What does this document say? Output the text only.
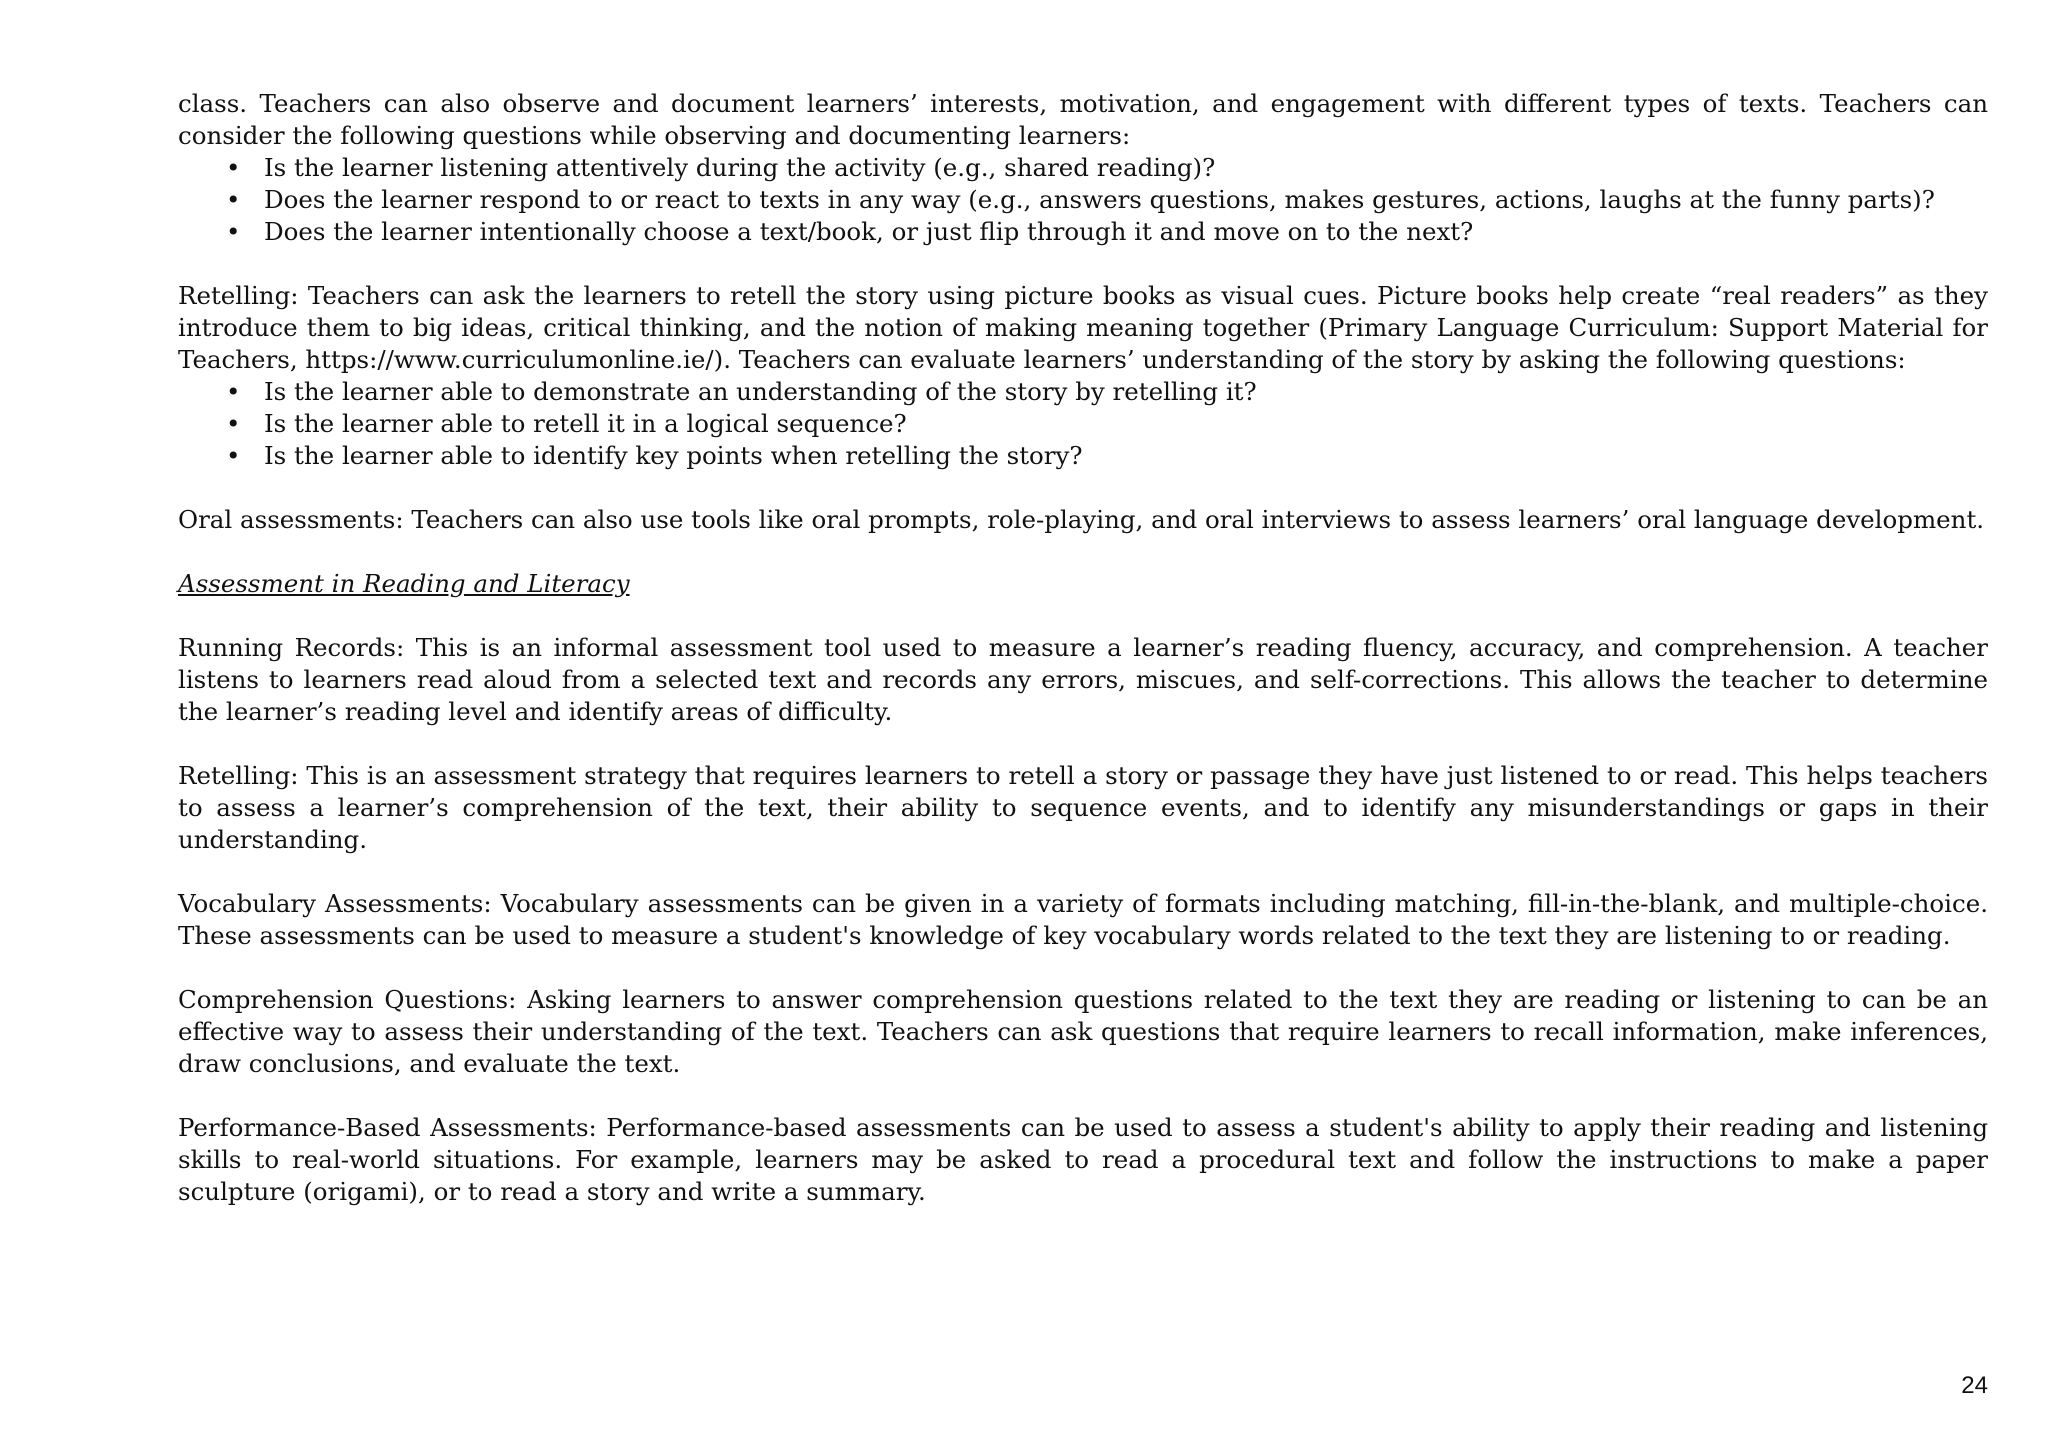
class. Teachers can also observe and document learners’ interests, motivation, and engagement with different types of texts. Teachers can consider the following questions while observing and documenting learners:

• Is the learner listening attentively during the activity (e.g., shared reading)?
• Does the learner respond to or react to texts in any way (e.g., answers questions, makes gestures, actions, laughs at the funny parts)?
• Does the learner intentionally choose a text/book, or just flip through it and move on to the next?

Retelling: Teachers can ask the learners to retell the story using picture books as visual cues. Picture books help create “real readers” as they introduce them to big ideas, critical thinking, and the notion of making meaning together (Primary Language Curriculum: Support Material for Teachers, https://www.curriculumonline.ie/). Teachers can evaluate learners’ understanding of the story by asking the following questions:

• Is the learner able to demonstrate an understanding of the story by retelling it?
• Is the learner able to retell it in a logical sequence?
• Is the learner able to identify key points when retelling the story?

Oral assessments: Teachers can also use tools like oral prompts, role-playing, and oral interviews to assess learners’ oral language development.

Assessment in Reading and Literacy

Running Records: This is an informal assessment tool used to measure a learner’s reading fluency, accuracy, and comprehension. A teacher listens to learners read aloud from a selected text and records any errors, miscues, and self-corrections. This allows the teacher to determine the learner’s reading level and identify areas of difficulty.

Retelling: This is an assessment strategy that requires learners to retell a story or passage they have just listened to or read. This helps teachers to assess a learner’s comprehension of the text, their ability to sequence events, and to identify any misunderstandings or gaps in their understanding.

Vocabulary Assessments: Vocabulary assessments can be given in a variety of formats including matching, fill-in-the-blank, and multiple-choice. These assessments can be used to measure a student's knowledge of key vocabulary words related to the text they are listening to or reading.

Comprehension Questions: Asking learners to answer comprehension questions related to the text they are reading or listening to can be an effective way to assess their understanding of the text. Teachers can ask questions that require learners to recall information, make inferences, draw conclusions, and evaluate the text.

Performance-Based Assessments: Performance-based assessments can be used to assess a student's ability to apply their reading and listening skills to real-world situations. For example, learners may be asked to read a procedural text and follow the instructions to make a paper sculpture (origami), or to read a story and write a summary.

24
